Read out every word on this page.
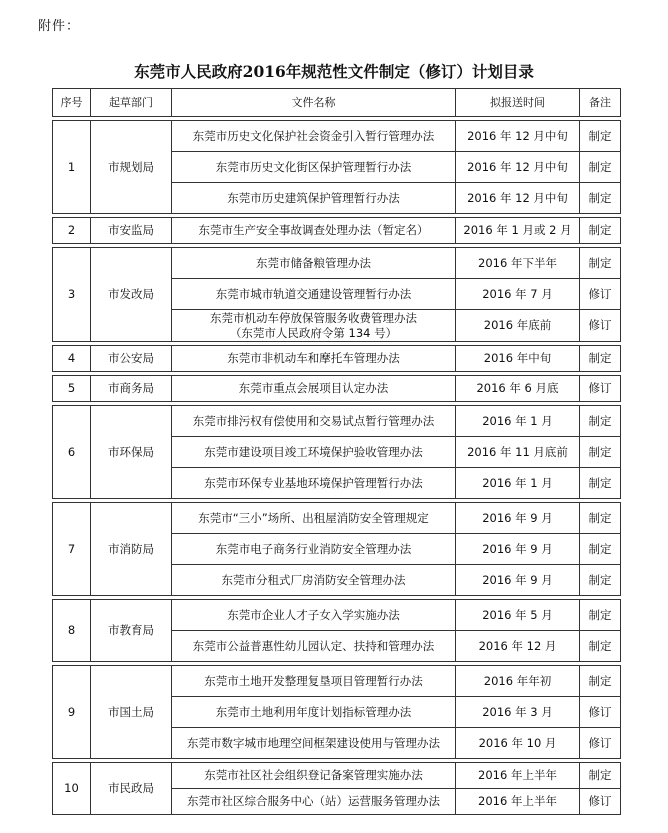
附件：
东莞市人民政府2016年规范性文件制定（修订）计划目录
序号	起草部门	文件名称	拟报送时间	备注

1	市规划局	东莞市历史文化保护社会资金引入暂行管理办法	2016 年 12 月中旬	制定
		东莞市历史文化街区保护管理暂行办法	2016 年 12 月中旬	制定
		东莞市历史建筑保护管理暂行办法	2016 年 12 月中旬	制定

2	市安监局	东莞市生产安全事故调查处理办法（暂定名）	2016 年 1 月或 2 月	制定

3	市发改局	东莞市储备粮管理办法	2016 年下半年	制定
		东莞市城市轨道交通建设管理暂行办法	2016 年 7 月	修订

		东莞市机动车停放保管服务收费管理办法
（东莞市人民政府令第 134 号）	2016 年底前	修订

4	市公安局	东莞市非机动车和摩托车管理办法	2016 年中旬	制定

5	市商务局	东莞市重点会展项目认定办法	2016 年 6 月底	修订

6	市环保局	东莞市排污权有偿使用和交易试点暂行管理办法	2016 年 1 月	制定
		东莞市建设项目竣工环境保护验收管理办法	2016 年 11 月底前	制定
		东莞市环保专业基地环境保护管理暂行办法	2016 年 1 月	制定

7	市消防局	东莞市“三小”场所、出租屋消防安全管理规定	2016 年 9 月	制定
		东莞市电子商务行业消防安全管理办法	2016 年 9 月	制定
		东莞市分租式厂房消防安全管理办法	2016 年 9 月	制定

8	市教育局	东莞市企业人才子女入学实施办法	2016 年 5 月	制定
		东莞市公益普惠性幼儿园认定、扶持和管理办法	2016 年 12 月	制定

9	市国土局	东莞市土地开发整理复垦项目管理暂行办法	2016 年年初	制定
		东莞市土地利用年度计划指标管理办法	2016 年 3 月	修订
		东莞市数字城市地理空间框架建设使用与管理办法	2016 年 10 月	修订

10	市民政局	东莞市社区社会组织登记备案管理实施办法	2016 年上半年	制定
		东莞市社区综合服务中心（站）运营服务管理办法	2016 年上半年	修订
